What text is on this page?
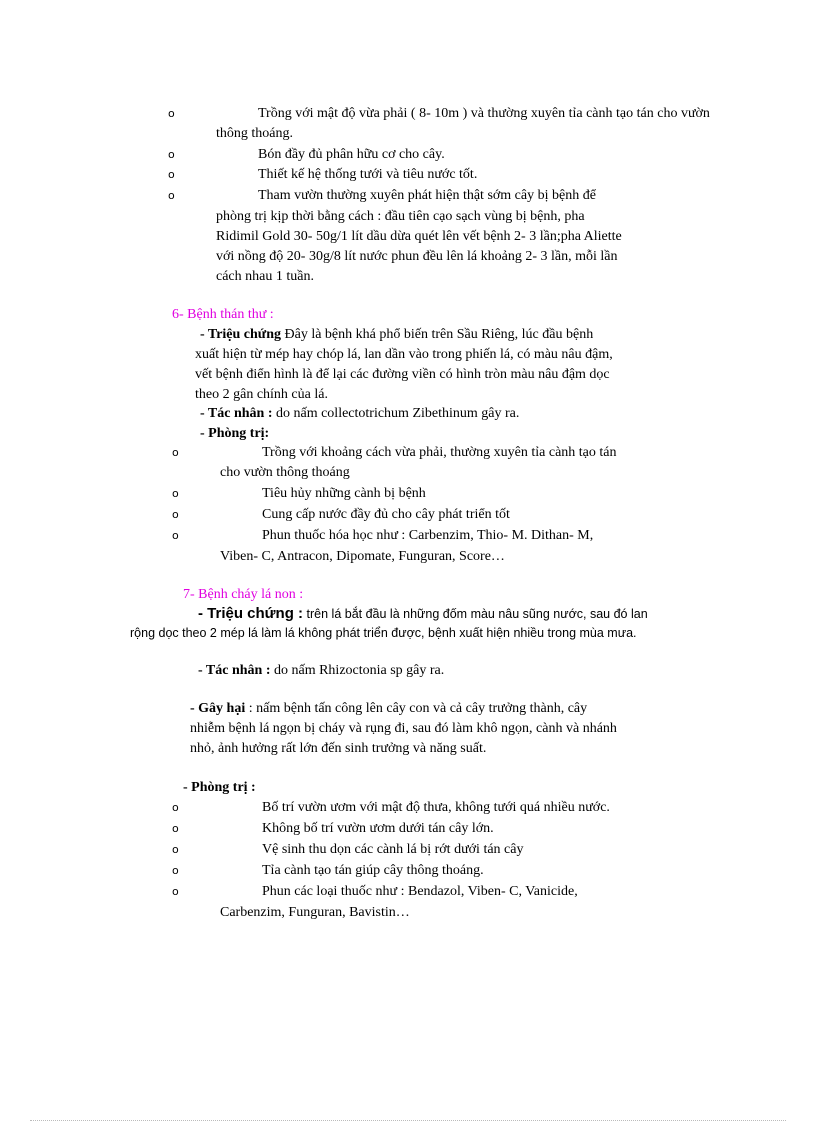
o	Trồng với mật độ vừa phải ( 8- 10m ) và thường xuyên tỉa cành tạo tán cho vườn
thông thoáng.
o	Bón đầy đủ phân hữu cơ cho cây.
o	Thiết kế hệ thống tưới và tiêu nước tốt.
o	Tham vườn thường xuyên phát hiện thật sớm cây bị bệnh để
phòng trị kịp thời bằng cách : đầu tiên cạo sạch vùng bị bệnh, pha
Ridimil Gold 30- 50g/1 lít dầu dừa quét lên vết bệnh 2- 3 lần;pha Aliette
với nồng độ 20- 30g/8 lít nước phun đều lên lá khoảng 2- 3 lần, mỗi lần
cách nhau 1 tuần.
6- Bệnh thán thư :
- Triệu chứng Đây là bệnh khá phổ biến trên Sầu Riêng, lúc đầu bệnh
xuất hiện từ mép hay chóp lá, lan dần vào trong phiến lá, có màu nâu đậm,
vết bệnh điển hình là để lại các đường viền có hình tròn màu nâu đậm dọc
theo 2 gân chính của lá.
- Tác nhân : do nấm collectotrichum Zibethinum gây ra.
- Phòng trị:
o	Trồng với khoảng cách vừa phải, thường xuyên tỉa cành tạo tán
cho vườn thông thoáng
o	Tiêu hủy những cành bị bệnh
o	Cung cấp nước đầy đủ cho cây phát triển tốt
o	Phun thuốc hóa học như : Carbenzim, Thio- M. Dithan- M,
Viben- C, Antracon, Dipomate, Funguran, Score…
7- Bệnh cháy lá non :
- Triệu chứng : trên lá bắt đầu là những đốm màu nâu sũng nước, sau đó lan
rộng dọc theo 2 mép lá làm lá không phát triển được, bệnh xuất hiện nhiều trong mùa mưa.
- Tác nhân : do nấm Rhizoctonia sp gây ra.
- Gây hại : nấm bệnh tấn công lên cây con và cả cây trưởng thành, cây
nhiễm bệnh lá ngọn bị cháy và rụng đi, sau đó làm khô ngọn, cành và nhánh
nhỏ, ảnh hưởng rất lớn đến sinh trưởng và năng suất.
- Phòng trị :
o	Bố trí vườn ươm với mật độ thưa, không tưới quá nhiều nước.
o	Không bố trí vườn ươm dưới tán cây lớn.
o	Vệ sinh thu dọn các cành lá bị rớt dưới tán cây
o	Tỉa cành tạo tán giúp cây thông thoáng.
o	Phun các loại thuốc như : Bendazol, Viben- C, Vanicide,
Carbenzim, Funguran, Bavistin…
